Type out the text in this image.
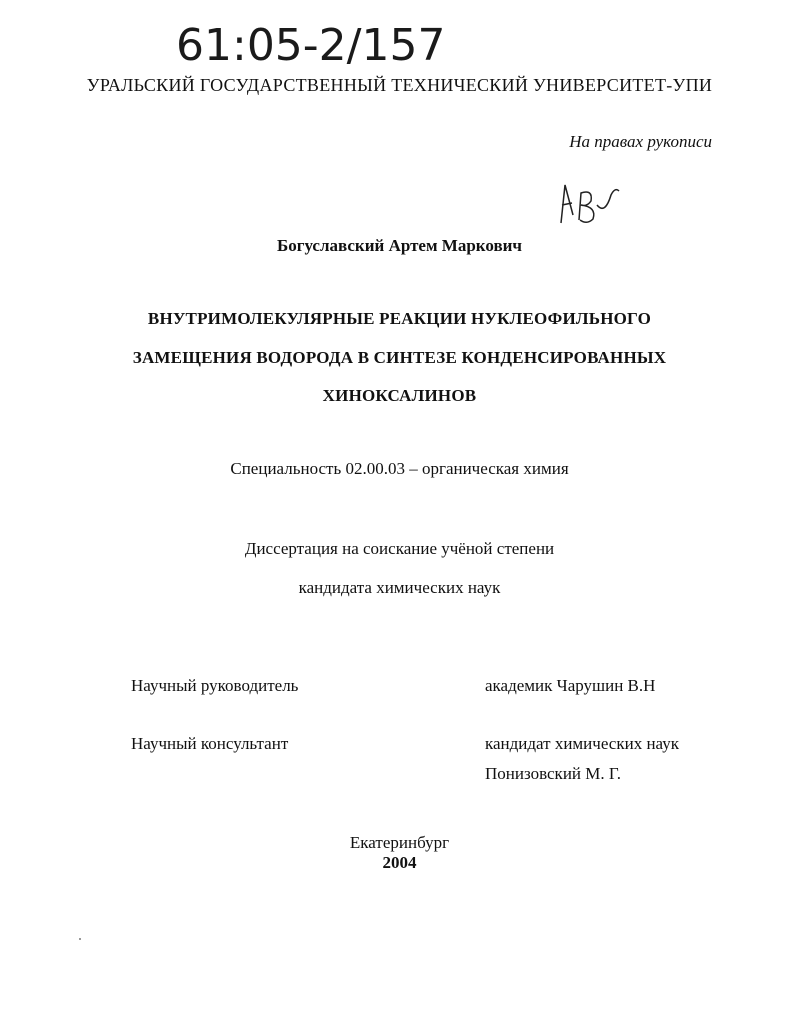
61:05-2/157
УРАЛЬСКИЙ ГОСУДАРСТВЕННЫЙ ТЕХНИЧЕСКИЙ УНИВЕРСИТЕТ-УПИ
На правах рукописи
Богуславский Артем Маркович
ВНУТРИМОЛЕКУЛЯРНЫЕ РЕАКЦИИ НУКЛЕОФИЛЬНОГО
ЗАМЕЩЕНИЯ ВОДОРОДА В СИНТЕЗЕ КОНДЕНСИРОВАННЫХ
ХИНОКСАЛИНОВ
Специальность 02.00.03 – органическая химия
Диссертация на соискание учёной степени
кандидата химических наук
Научный руководитель	академик Чарушин В.Н
Научный консультант	кандидат химических наук
Понизовский М. Г.
Екатеринбург
2004
